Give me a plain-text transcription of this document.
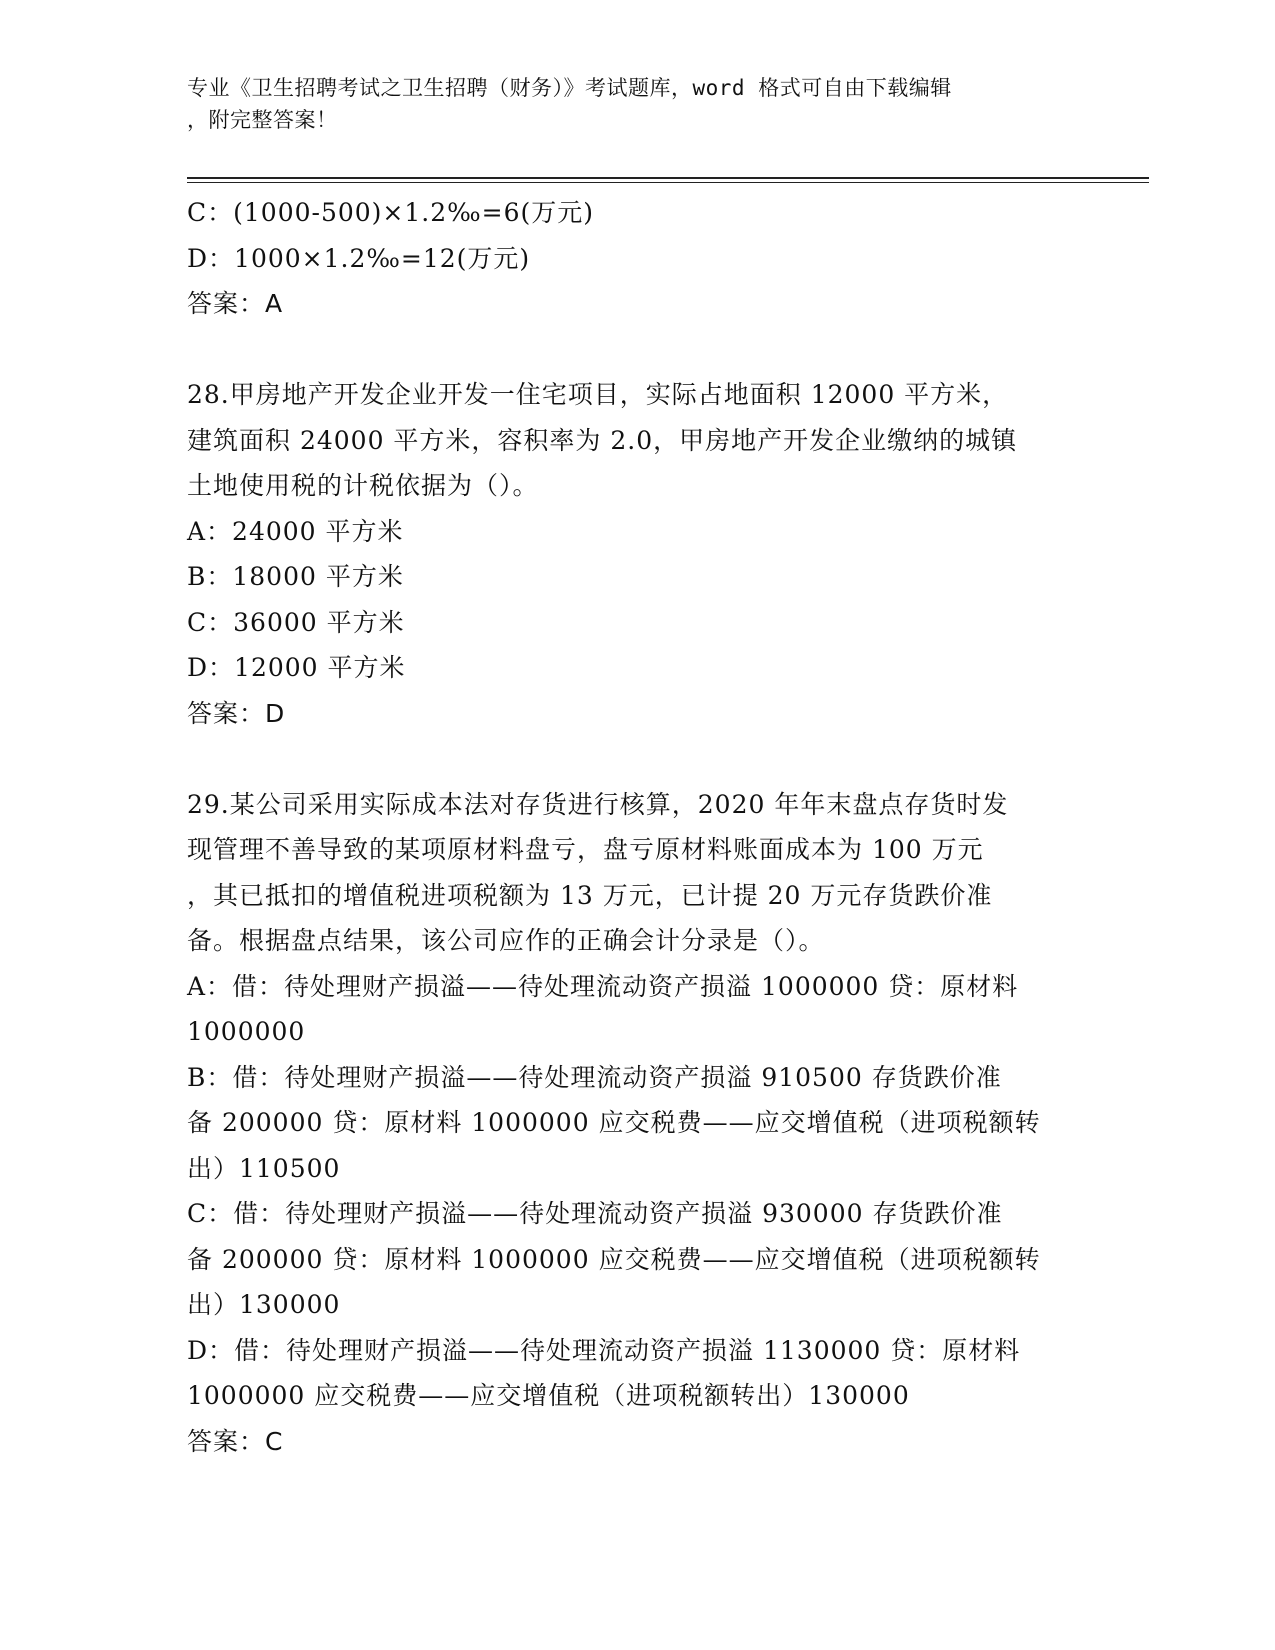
专业《卫生招聘考试之卫生招聘（财务）》考试题库，word 格式可自由下载编辑
，附完整答案！
C：(1000-500)×1.2‰=6(万元)
D：1000×1.2‰=12(万元)
答案：A
28.甲房地产开发企业开发一住宅项目，实际占地面积 12000 平方米，
建筑面积 24000 平方米，容积率为 2.0，甲房地产开发企业缴纳的城镇
土地使用税的计税依据为（）。
A：24000 平方米
B：18000 平方米
C：36000 平方米
D：12000 平方米
答案：D
29.某公司采用实际成本法对存货进行核算，2020 年年末盘点存货时发
现管理不善导致的某项原材料盘亏，盘亏原材料账面成本为 100 万元
，其已抵扣的增值税进项税额为 13 万元，已计提 20 万元存货跌价准
备。根据盘点结果，该公司应作的正确会计分录是（）。
A：借：待处理财产损溢——待处理流动资产损溢 1000000 贷：原材料
1000000
B：借：待处理财产损溢——待处理流动资产损溢 910500 存货跌价准
备 200000 贷：原材料 1000000 应交税费——应交增值税（进项税额转
出）110500
C：借：待处理财产损溢——待处理流动资产损溢 930000 存货跌价准
备 200000 贷：原材料 1000000 应交税费——应交增值税（进项税额转
出）130000
D：借：待处理财产损溢——待处理流动资产损溢 1130000 贷：原材料
1000000 应交税费——应交增值税（进项税额转出）130000
答案：C
